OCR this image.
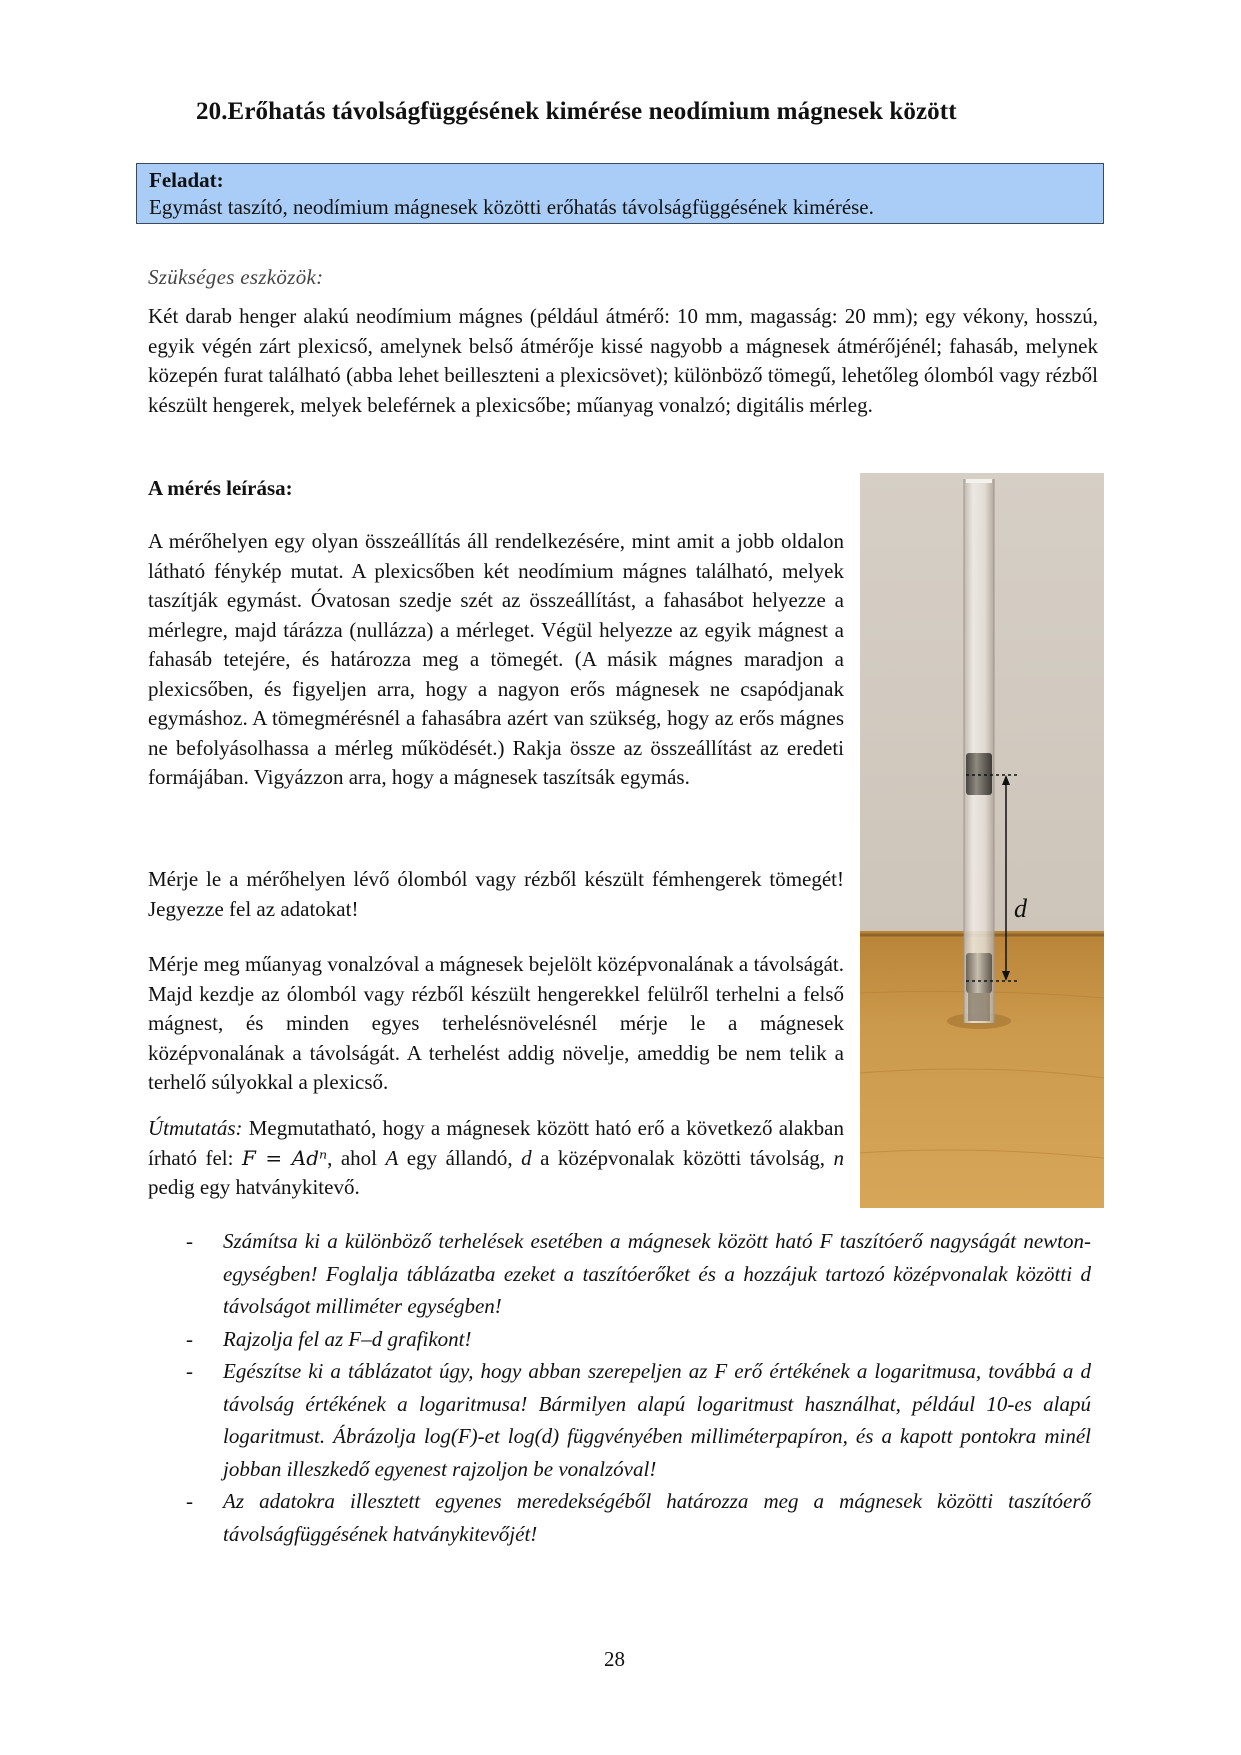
20.Erőhatás távolságfüggésének kimérése neodímium mágnesek között
Feladat:
Egymást taszító, neodímium mágnesek közötti erőhatás távolságfüggésének kimérése.
Szükséges eszközök:

Két darab henger alakú neodímium mágnes (például átmérő: 10 mm, magasság: 20 mm); egy vékony, hosszú, egyik végén zárt plexicső, amelynek belső átmérője kissé nagyobb a mágnesek átmérőjénél; fahasáb, melynek közepén furat található (abba lehet beilleszteni a plexicsövet); különböző tömegű, lehetőleg ólomból vagy rézből készült hengerek, melyek beleférnek a plexicsőbe; műanyag vonalzó; digitális mérleg.

A mérés leírása:

A mérőhelyen egy olyan összeállítás áll rendelkezésére, mint amit a jobb oldalon látható fénykép mutat. A plexicsőben két neodímium mágnes található, melyek taszítják egymást. Óvatosan szedje szét az összeállítást, a fahasábot helyezze a mérlegre, majd tárázza (nullázza) a mérleget. Végül helyezze az egyik mágnest a fahasáb tetejére, és határozza meg a tömegét. (A másik mágnes maradjon a plexicsőben, és figyeljen arra, hogy a nagyon erős mágnesek ne csapódjanak egymáshoz. A tömegmérésnél a fahasábra azért van szükség, hogy az erős mágnes ne befolyásolhassa a mérleg működését.) Rakja össze az összeállítást az eredeti formájában. Vigyázzon arra, hogy a mágnesek taszítsák egymás.

Mérje le a mérőhelyen lévő ólomból vagy rézből készült fémhengerek tömegét! Jegyezze fel az adatokat!

Mérje meg műanyag vonalzóval a mágnesek bejelölt középvonalának a távolságát. Majd kezdje az ólomból vagy rézből készült hengerekkel felülről terhelni a felső mágnest, és minden egyes terhelésnövelésnél mérje le a mágnesek középvonalának a távolságát. A terhelést addig növelje, ameddig be nem telik a terhelő súlyokkal a plexicső.

Útmutatás: Megmutatható, hogy a mágnesek között ható erő a következő alakban írható fel: F = Adⁿ, ahol A egy állandó, d a középvonalak közötti távolság, n pedig egy hatványkitevő.

d
- Számítsa ki a különböző terhelések esetében a mágnesek között ható F taszítóerő nagyságát newton-egységben! Foglalja táblázatba ezeket a taszítóerőket és a hozzájuk tartozó középvonalak közötti d távolságot milliméter egységben!
- Rajzolja fel az F–d grafikont!
- Egészítse ki a táblázatot úgy, hogy abban szerepeljen az F erő értékének a logaritmusa, továbbá a d távolság értékének a logaritmusa! Bármilyen alapú logaritmust használhat, például 10-es alapú logaritmust. Ábrázolja log(F)-et log(d) függvényében milliméterpapíron, és a kapott pontokra minél jobban illeszkedő egyenest rajzoljon be vonalzóval!
- Az adatokra illesztett egyenes meredekségéből határozza meg a mágnesek közötti taszítóerő távolságfüggésének hatványkitevőjét!
28
